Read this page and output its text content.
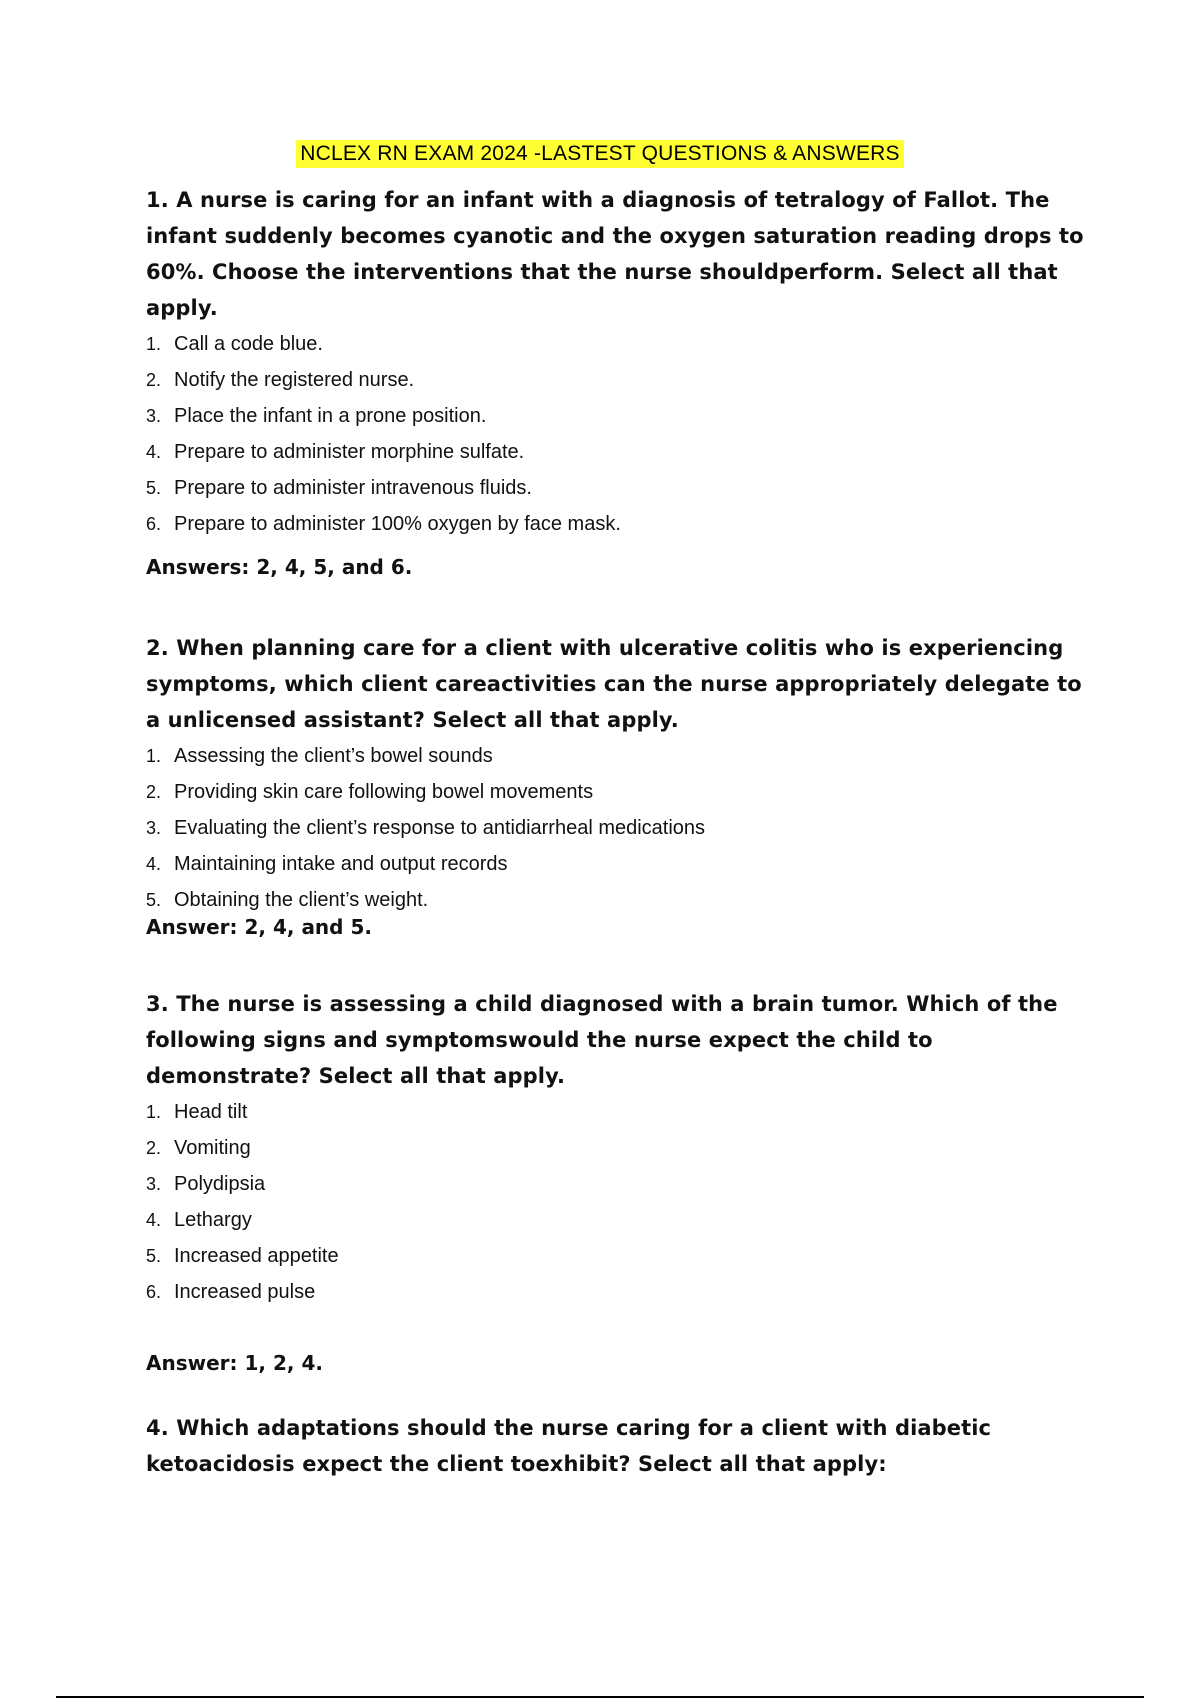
NCLEX RN EXAM 2024 -LASTEST QUESTIONS & ANSWERS

1. A nurse is caring for an infant with a diagnosis of tetralogy of Fallot. The infant suddenly becomes cyanotic and the oxygen saturation reading drops to 60%. Choose the interventions that the nurse shouldperform. Select all that apply.

1. Call a code blue.
2. Notify the registered nurse.
3. Place the infant in a prone position.
4. Prepare to administer morphine sulfate.
5. Prepare to administer intravenous fluids.
6. Prepare to administer 100% oxygen by face mask.

Answers: 2, 4, 5, and 6.

2. When planning care for a client with ulcerative colitis who is experiencing symptoms, which client careactivities can the nurse appropriately delegate to a unlicensed assistant? Select all that apply.

1. Assessing the client’s bowel sounds
2. Providing skin care following bowel movements
3. Evaluating the client’s response to antidiarrheal medications
4. Maintaining intake and output records
5. Obtaining the client’s weight.

Answer: 2, 4, and 5.

3. The nurse is assessing a child diagnosed with a brain tumor. Which of the following signs and symptomswould the nurse expect the child to demonstrate? Select all that apply.

1. Head tilt
2. Vomiting
3. Polydipsia
4. Lethargy
5. Increased appetite
6. Increased pulse

Answer: 1, 2, 4.

4. Which adaptations should the nurse caring for a client with diabetic ketoacidosis expect the client toexhibit? Select all that apply:
